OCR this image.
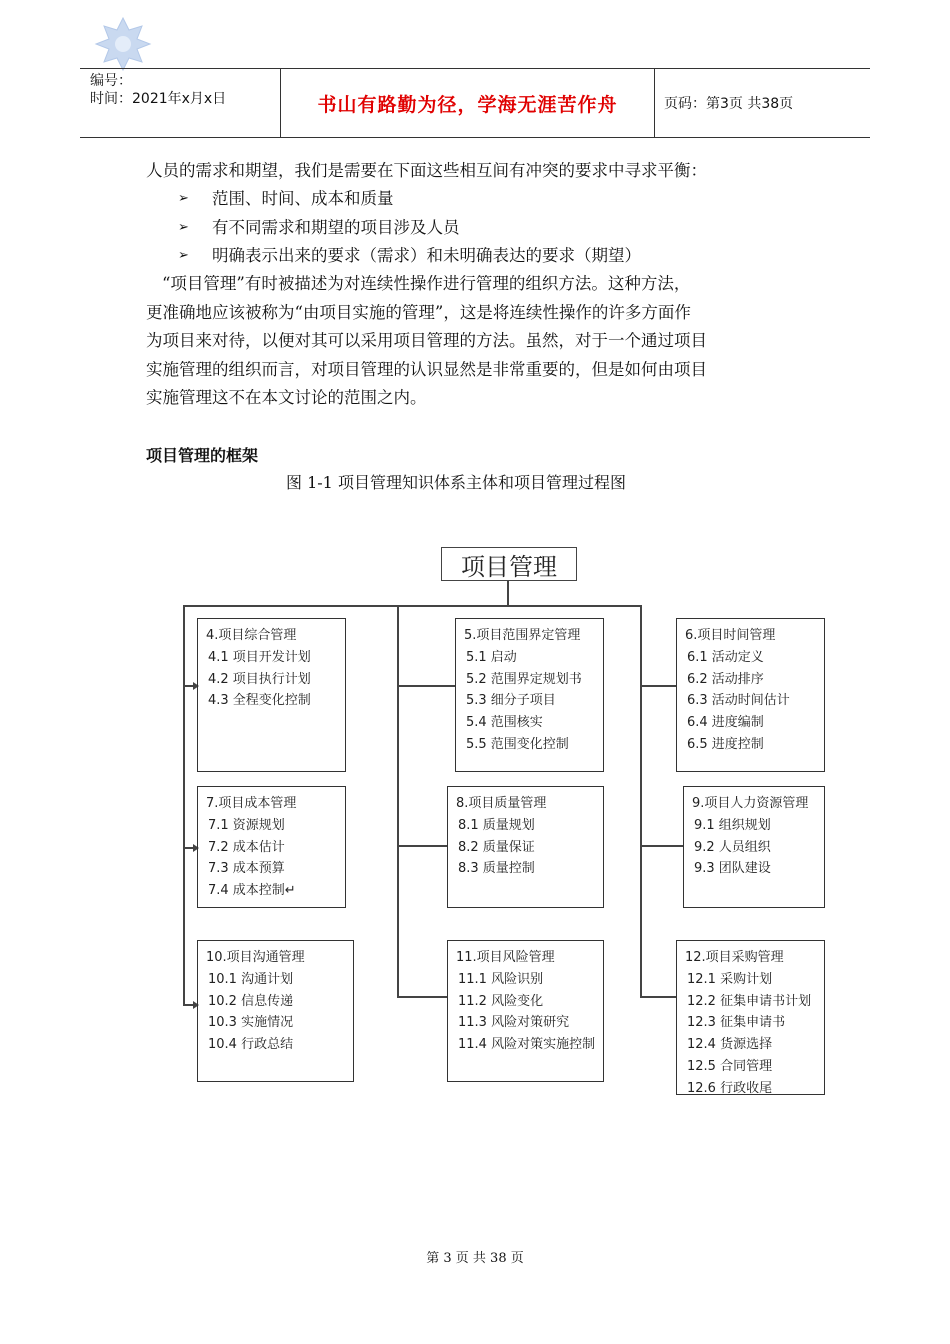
编号：
时间：2021年x月x日	书山有路勤为径，学海无涯苦作舟	页码：第3页 共38页
人员的需求和期望，我们是需要在下面这些相互间有冲突的要求中寻求平衡：
➢	范围、时间、成本和质量
➢	有不同需求和期望的项目涉及人员
➢	明确表示出来的要求（需求）和未明确表达的要求（期望）
“项目管理”有时被描述为对连续性操作进行管理的组织方法。这种方法，
更准确地应该被称为“由项目实施的管理”，这是将连续性操作的许多方面作
为项目来对待，以便对其可以采用项目管理的方法。虽然，对于一个通过项目
实施管理的组织而言，对项目管理的认识显然是非常重要的，但是如何由项目
实施管理这不在本文讨论的范围之内。
项目管理的框架
图 1-1 项目管理知识体系主体和项目管理过程图
项目管理
4.项目综合管理
4.1 项目开发计划
4.2 项目执行计划
4.3 全程变化控制
5.项目范围界定管理
5.1 启动
5.2 范围界定规划书
5.3 细分子项目
5.4 范围核实
5.5 范围变化控制
6.项目时间管理
6.1 活动定义
6.2 活动排序
6.3 活动时间估计
6.4 进度编制
6.5 进度控制
7.项目成本管理
7.1 资源规划
7.2 成本估计
7.3 成本预算
7.4 成本控制↵
8.项目质量管理
8.1 质量规划
8.2 质量保证
8.3 质量控制
9.项目人力资源管理
9.1 组织规划
9.2 人员组织
9.3 团队建设
10.项目沟通管理
10.1 沟通计划
10.2 信息传递
10.3 实施情况
10.4 行政总结
11.项目风险管理
11.1 风险识别
11.2 风险变化
11.3 风险对策研究
11.4 风险对策实施控制
12.项目采购管理
12.1 采购计划
12.2 征集申请书计划
12.3 征集申请书
12.4 货源选择
12.5 合同管理
12.6 行政收尾
第 3 页 共 38 页
